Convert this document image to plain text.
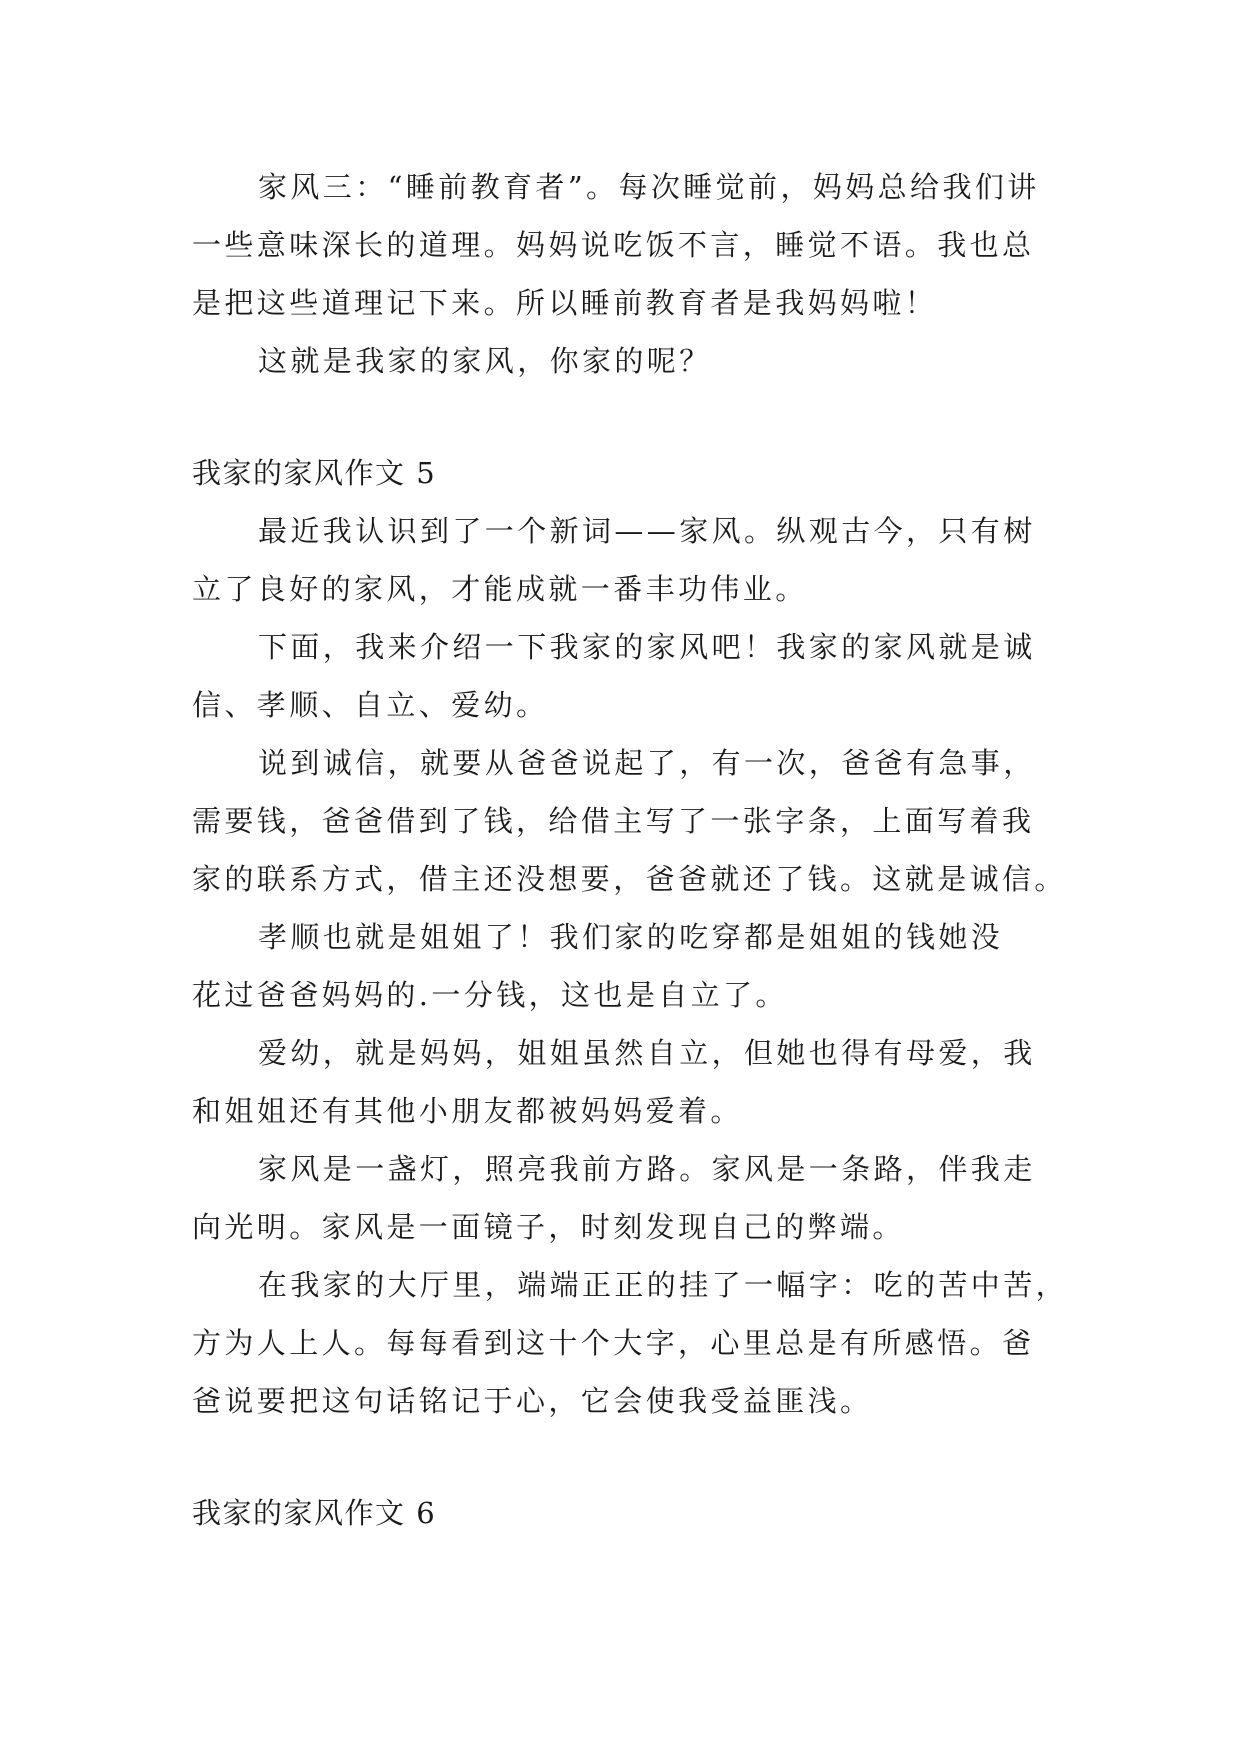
家风三：“睡前教育者”。每次睡觉前，妈妈总给我们讲
一些意味深长的道理。妈妈说吃饭不言，睡觉不语。我也总
是把这些道理记下来。所以睡前教育者是我妈妈啦！
这就是我家的家风，你家的呢？
我家的家风作文 5
最近我认识到了一个新词——家风。纵观古今，只有树
立了良好的家风，才能成就一番丰功伟业。
下面，我来介绍一下我家的家风吧！我家的家风就是诚
信、孝顺、自立、爱幼。
说到诚信，就要从爸爸说起了，有一次，爸爸有急事，
需要钱，爸爸借到了钱，给借主写了一张字条，上面写着我
家的联系方式，借主还没想要，爸爸就还了钱。这就是诚信。
孝顺也就是姐姐了！我们家的吃穿都是姐姐的钱她没
花过爸爸妈妈的.一分钱，这也是自立了。
爱幼，就是妈妈，姐姐虽然自立，但她也得有母爱，我
和姐姐还有其他小朋友都被妈妈爱着。
家风是一盏灯，照亮我前方路。家风是一条路，伴我走
向光明。家风是一面镜子，时刻发现自己的弊端。
在我家的大厅里，端端正正的挂了一幅字：吃的苦中苦，
方为人上人。每每看到这十个大字，心里总是有所感悟。爸
爸说要把这句话铭记于心，它会使我受益匪浅。
我家的家风作文 6
